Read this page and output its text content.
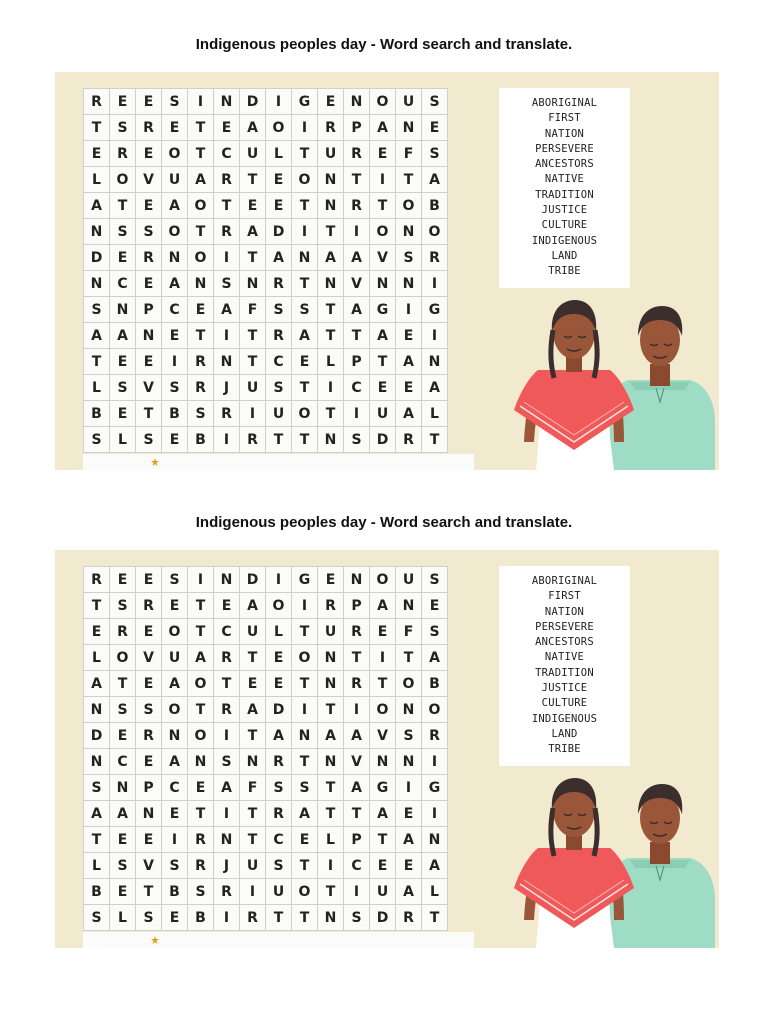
Indigenous peoples day - Word search and translate.
R	E	E	S	I	N	D	I	G	E	N	O	U	S
T	S	R	E	T	E	A	O	I	R	P	A	N	E
E	R	E	O	T	C	U	L	T	U	R	E	F	S
L	O	V	U	A	R	T	E	O	N	T	I	T	A
A	T	E	A	O	T	E	E	T	N	R	T	O	B
N	S	S	O	T	R	A	D	I	T	I	O	N	O
D	E	R	N	O	I	T	A	N	A	A	V	S	R
N	C	E	A	N	S	N	R	T	N	V	N	N	I
S	N	P	C	E	A	F	S	S	T	A	G	I	G
A	A	N	E	T	I	T	R	A	T	T	A	E	I
T	E	E	I	R	N	T	C	E	L	P	T	A	N
L	S	V	S	R	J	U	S	T	I	C	E	E	A
B	E	T	B	S	R	I	U	O	T	I	U	A	L
S	L	S	E	B	I	R	T	T	N	S	D	R	T
ABORIGINAL
FIRST
NATION
PERSEVERE
ANCESTORS
NATIVE
TRADITION
JUSTICE
CULTURE
INDIGENOUS
LAND
TRIBE
Indigenous peoples day - Word search and translate.
R	E	E	S	I	N	D	I	G	E	N	O	U	S
T	S	R	E	T	E	A	O	I	R	P	A	N	E
E	R	E	O	T	C	U	L	T	U	R	E	F	S
L	O	V	U	A	R	T	E	O	N	T	I	T	A
A	T	E	A	O	T	E	E	T	N	R	T	O	B
N	S	S	O	T	R	A	D	I	T	I	O	N	O
D	E	R	N	O	I	T	A	N	A	A	V	S	R
N	C	E	A	N	S	N	R	T	N	V	N	N	I
S	N	P	C	E	A	F	S	S	T	A	G	I	G
A	A	N	E	T	I	T	R	A	T	T	A	E	I
T	E	E	I	R	N	T	C	E	L	P	T	A	N
L	S	V	S	R	J	U	S	T	I	C	E	E	A
B	E	T	B	S	R	I	U	O	T	I	U	A	L
S	L	S	E	B	I	R	T	T	N	S	D	R	T
ABORIGINAL
FIRST
NATION
PERSEVERE
ANCESTORS
NATIVE
TRADITION
JUSTICE
CULTURE
INDIGENOUS
LAND
TRIBE
